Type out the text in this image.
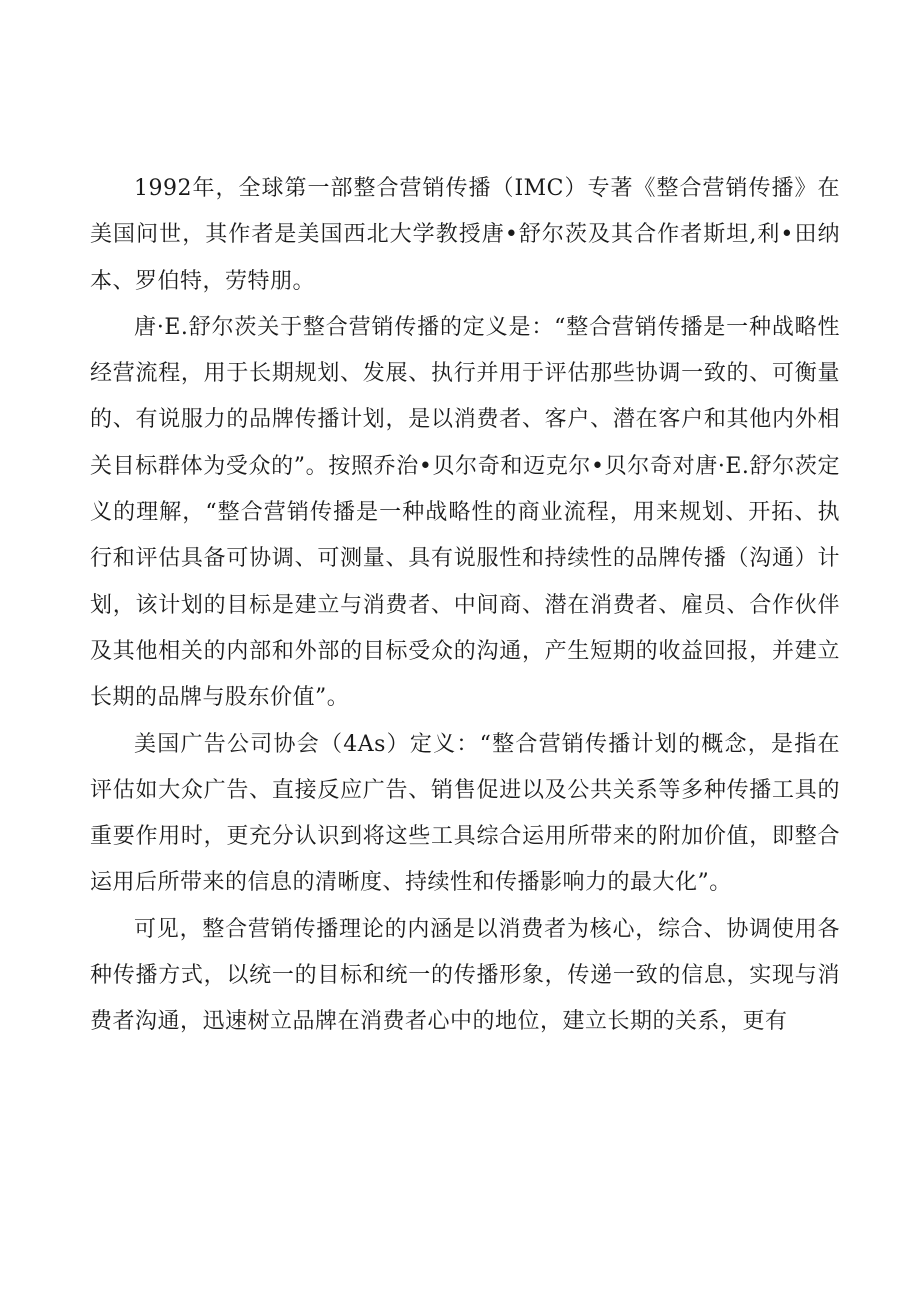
1992年，全球第一部整合营销传播（IMC）专著《整合营销传播》在美国问世，其作者是美国西北大学教授唐•舒尔茨及其合作者斯坦,利•田纳本、罗伯特，劳特朋。

唐·E.舒尔茨关于整合营销传播的定义是：“整合营销传播是一种战略性经营流程，用于长期规划、发展、执行并用于评估那些协调一致的、可衡量的、有说服力的品牌传播计划，是以消费者、客户、潜在客户和其他内外相关目标群体为受众的”。按照乔治•贝尔奇和迈克尔•贝尔奇对唐·E.舒尔茨定义的理解，“整合营销传播是一种战略性的商业流程，用来规划、开拓、执行和评估具备可协调、可测量、具有说服性和持续性的品牌传播（沟通）计划，该计划的目标是建立与消费者、中间商、潜在消费者、雇员、合作伙伴及其他相关的内部和外部的目标受众的沟通，产生短期的收益回报，并建立长期的品牌与股东价值”。

美国广告公司协会（4As）定义：“整合营销传播计划的概念，是指在评估如大众广告、直接反应广告、销售促进以及公共关系等多种传播工具的重要作用时，更充分认识到将这些工具综合运用所带来的附加价值，即整合运用后所带来的信息的清晰度、持续性和传播影响力的最大化”。

可见，整合营销传播理论的内涵是以消费者为核心，综合、协调使用各种传播方式，以统一的目标和统一的传播形象，传递一致的信息，实现与消费者沟通，迅速树立品牌在消费者心中的地位，建立长期的关系，更有
